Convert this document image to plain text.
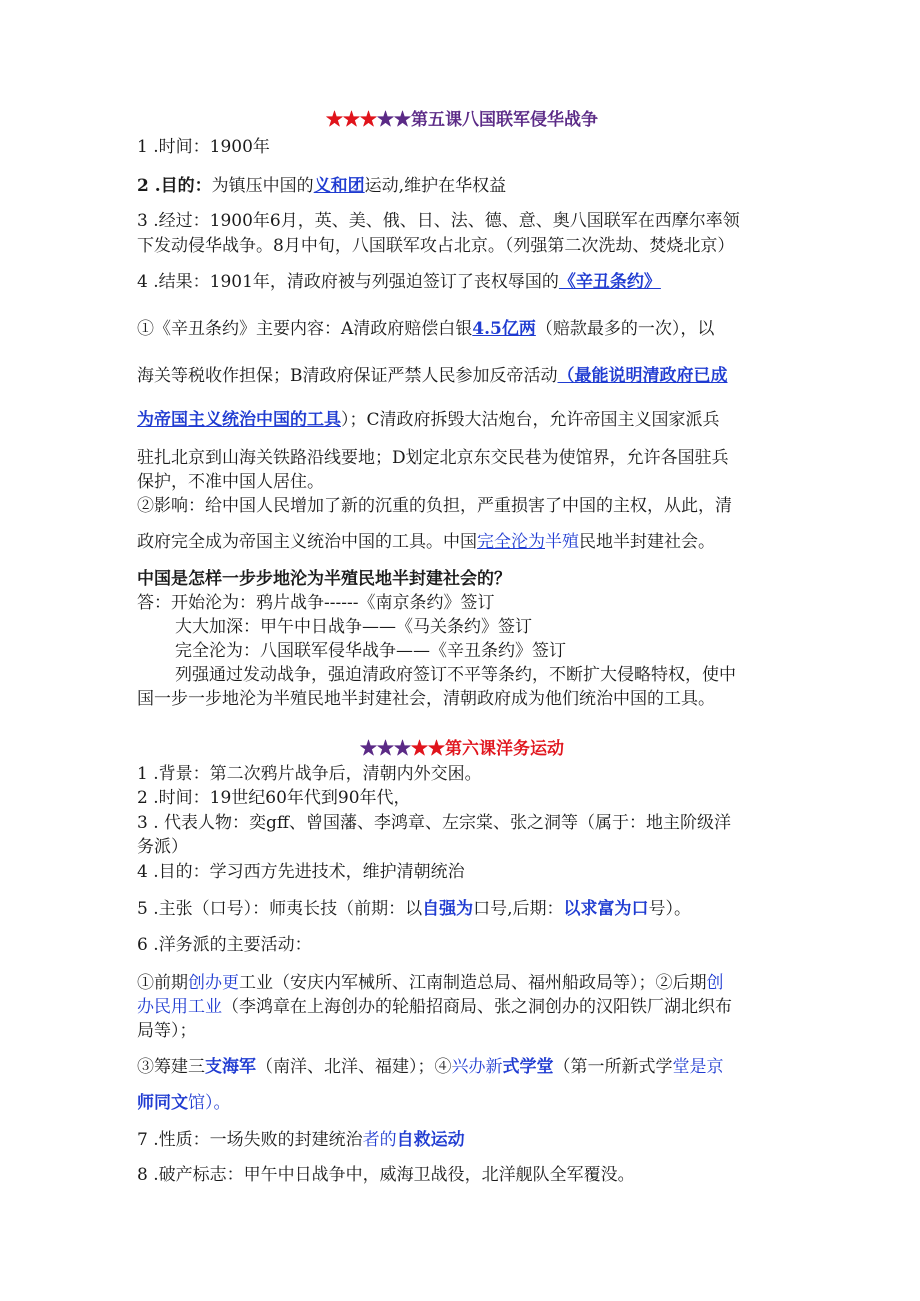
★★★★★第五课八国联军侵华战争
1 .时间：1900年
2 .目的：为镇压中国的义和团运动,维护在华权益
3 .经过：1900年6月，英、美、俄、日、法、德、意、奥八国联军在西摩尔率领
下发动侵华战争。8月中旬，八国联军攻占北京。（列强第二次洗劫、焚烧北京）
4 .结果：1901年，清政府被与列强迫签订了丧权辱国的《辛丑条约》
①《辛丑条约》主要内容：A清政府赔偿白银4.5亿两（赔款最多的一次），以
海关等税收作担保；B清政府保证严禁人民参加反帝活动（最能说明清政府已成
为帝国主义统治中国的工具）；C清政府拆毁大沽炮台，允许帝国主义国家派兵
驻扎北京到山海关铁路沿线要地；D划定北京东交民巷为使馆界，允许各国驻兵
保护，不准中国人居住。
②影响：给中国人民增加了新的沉重的负担，严重损害了中国的主权，从此，清
政府完全成为帝国主义统治中国的工具。中国完全沦为半殖民地半封建社会。
中国是怎样一步步地沦为半殖民地半封建社会的？
答：开始沦为：鸦片战争------《南京条约》签订
大大加深：甲午中日战争——《马关条约》签订
完全沦为：八国联军侵华战争——《辛丑条约》签订
列强通过发动战争，强迫清政府签订不平等条约，不断扩大侵略特权，使中
国一步一步地沦为半殖民地半封建社会，清朝政府成为他们统治中国的工具。
★★★★★第六课洋务运动
1 .背景：第二次鸦片战争后，清朝内外交困。
2 .时间：19世纪60年代到90年代，
3 . 代表人物：奕gff、曾国藩、李鸿章、左宗棠、张之洞等（属于：地主阶级洋
务派）
4 .目的：学习西方先进技术，维护清朝统治
5 .主张（口号）：师夷长技（前期：以自强为口号,后期：以求富为口号）。
6 .洋务派的主要活动：
①前期创办更工业（安庆内军械所、江南制造总局、福州船政局等）；②后期创
办民用工业（李鸿章在上海创办的轮船招商局、张之洞创办的汉阳铁厂湖北织布
局等）；
③筹建三支海军（南洋、北洋、福建）；④兴办新式学堂（第一所新式学堂是京
师同文馆）。
7 .性质：一场失败的封建统治者的自救运动
8 .破产标志：甲午中日战争中，威海卫战役，北洋舰队全军覆没。
